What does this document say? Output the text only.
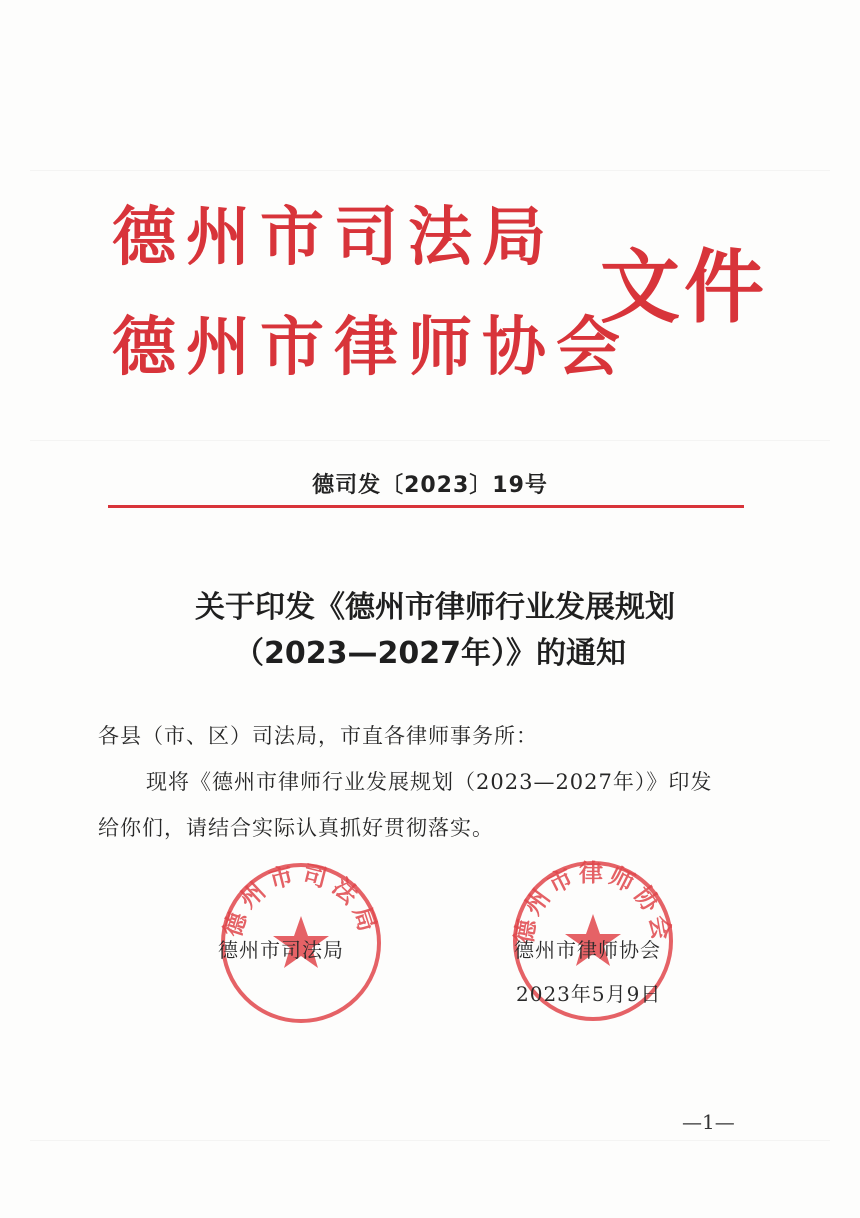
德州市司法局
德州市律师协会
文件
德司发〔2023〕19号
关于印发《德州市律师行业发展规划
（2023—2027年）》的通知
各县（市、区）司法局，市直各律师事务所：
现将《德州市律师行业发展规划（2023—2027年）》印发
给你们，请结合实际认真抓好贯彻落实。
德州市司法局	德州市律师协会
德州市司法局	德州市律师协会
2023年5月9日
—1—
